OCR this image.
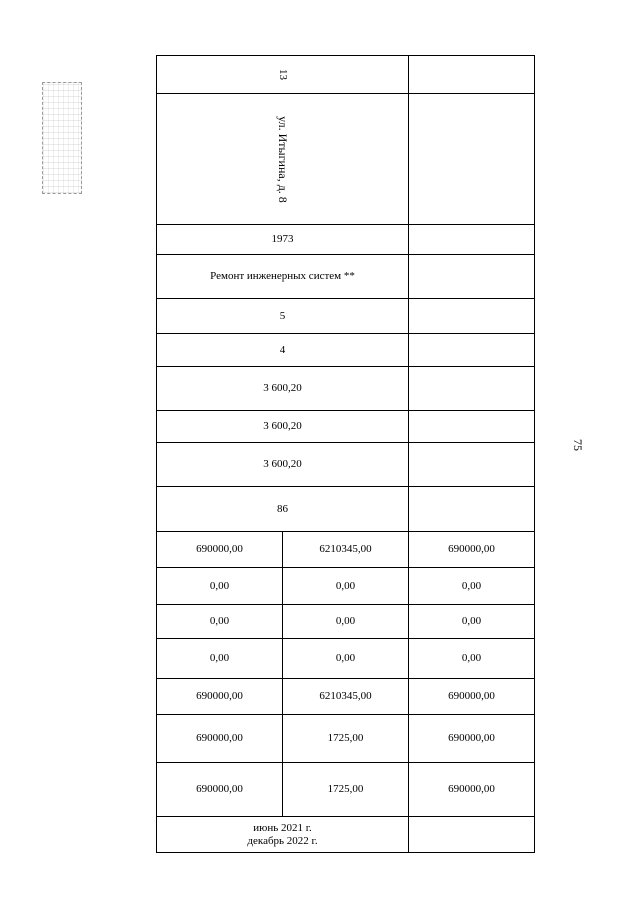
75
13
ул. Итыгина, д. 8
1973
Ремонт инженерных систем **
5
4
3 600,20
3 600,20
3 600,20
86
690000,00	6210345,00	690000,00
0,00	0,00	0,00
0,00	0,00	0,00
0,00	0,00	0,00
690000,00	6210345,00	690000,00
690000,00	1725,00	690000,00
690000,00	1725,00	690000,00
июнь 2021 г.
декабрь 2022 г.
